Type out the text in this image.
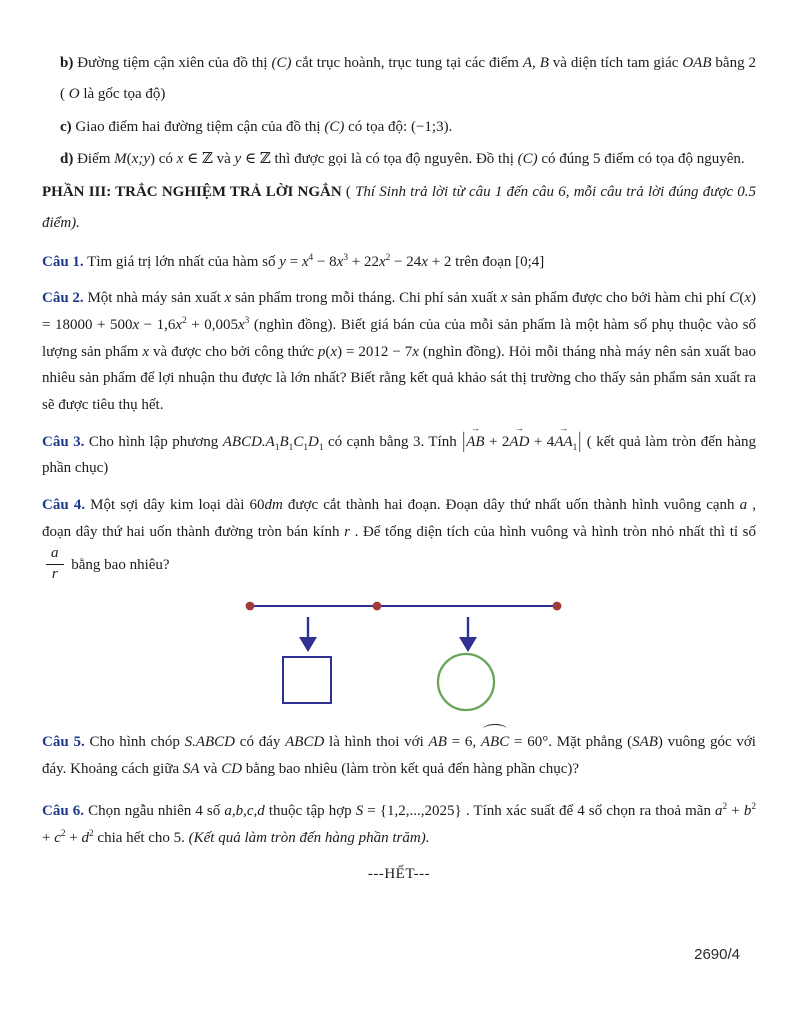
b) Đường tiệm cận xiên của đồ thị (C) cắt trục hoành, trục tung tại các điểm A, B và diện tích tam giác OAB bằng 2 ( O là gốc tọa độ)

c) Giao điểm hai đường tiệm cận của đồ thị (C) có tọa độ: (−1;3).

d) Điểm M(x;y) có x ∈ ℤ và y ∈ ℤ thì được gọi là có tọa độ nguyên. Đồ thị (C) có đúng 5 điểm có tọa độ nguyên.

PHẦN III: TRẮC NGHIỆM TRẢ LỜI NGẮN ( Thí Sinh trả lời từ câu 1 đến câu 6, mỗi câu trả lời đúng được 0.5 điểm).

Câu 1. Tìm giá trị lớn nhất của hàm số $y = x^4 - 8x^3 + 22x^2 - 24x + 2$ trên đoạn [0;4]

Câu 2. Một nhà máy sản xuất x sản phẩm trong mỗi tháng. Chi phí sản xuất x sản phẩm được cho bởi hàm chi phí $C(x) = 18000 + 500x - 1,6x^2 + 0,005x^3$ (nghìn đồng). Biết giá bán của của mỗi sản phẩm là một hàm số phụ thuộc vào số lượng sản phẩm x và được cho bởi công thức p(x) = 2012 − 7x (nghìn đồng). Hỏi mỗi tháng nhà máy nên sản xuất bao nhiêu sản phẩm để lợi nhuận thu được là lớn nhất? Biết rằng kết quả khảo sát thị trường cho thấy sản phẩm sản xuất ra sẽ được tiêu thụ hết.

Câu 3. Cho hình lập phương $ABCD.A_1B_1C_1D_1$ có cạnh bằng 3. Tính |→ AB + 2→ AD + $4\to AA_1|$ ( kết quả làm tròn đến hàng phần chục)

Câu 4. Một sợi dây kim loại dài 60dm được cắt thành hai đoạn. Đoạn dây thứ nhất uốn thành hình vuông cạnh a , đoạn dây thứ hai uốn thành đường tròn bán kính r . Để tổng diện tích của hình vuông và hình tròn nhỏ nhất thì tỉ số
$\frac{a}{r}$ bằng bao nhiêu?

Câu 5. Cho hình chóp S.ABCD có đáy ABCD là hình thoi với AB = 6, ABC = 60°. Mặt phẳng (SAB) vuông góc với đáy. Khoảng cách giữa SA và CD bằng bao nhiêu (làm tròn kết quả đến hàng phần chục)?

Câu 6. Chọn ngẫu nhiên 4 số a,b,c,d thuộc tập hợp S = {1,2,...,2025} . Tính xác suất để 4 số chọn ra thoả mãn $a^2 + b^2 + c^2 + d^2$ chia hết cho 5. (Kết quả làm tròn đến hàng phần trăm).

---HẾT---

2690/4
